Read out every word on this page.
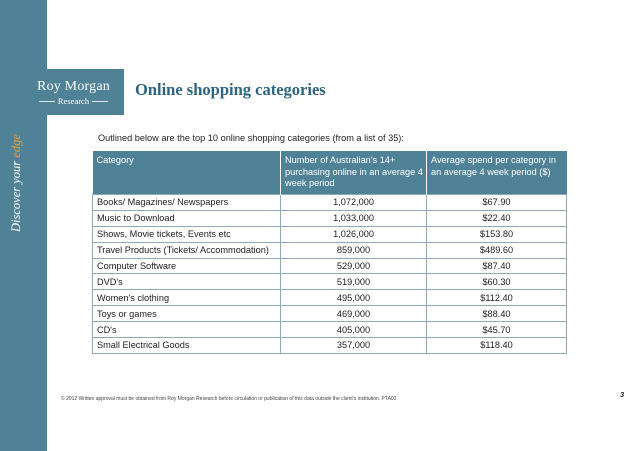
Discover your edge
Roy Morgan
Research
Online shopping categories
Outlined below are the top 10 online shopping categories (from a list of 35):
Category	Number of Australian's 14+ purchasing online in an average 4 week period	Average spend per category in an average 4 week period ($)
Books/ Magazines/ Newspapers	1,072,000	$67.90
Music to Download	1,033,000	$22.40
Shows, Movie tickets, Events etc	1,026,000	$153.80
Travel Products (Tickets/ Accommodation)	859,000	$489.60
Computer Software	529,000	$87.40
DVD's	519,000	$60.30
Women's clothing	495,000	$112.40
Toys or games	469,000	$88.40
CD's	405,000	$45.70
Small Electrical Goods	357,000	$118.40
© 2012 Written approval must be obtained from Roy Morgan Research before circulation or publication of this data outside the client's institution. PTA02	3
